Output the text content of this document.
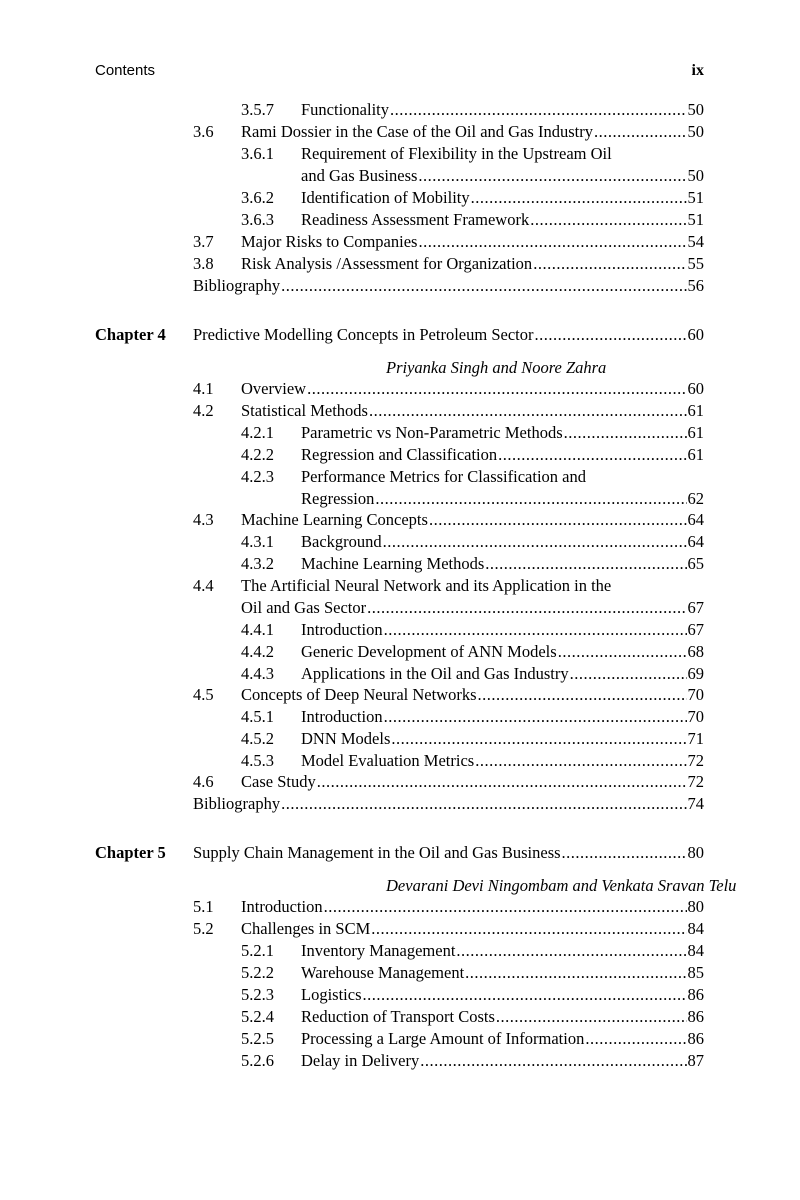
Contents	ix
3.5.7 Functionality .....	50
3.6 Rami Dossier in the Case of the Oil and Gas Industry .....	50
3.6.1 Requirement of Flexibility in the Upstream Oil
and Gas Business .....	50
3.6.2 Identification of Mobility .....	51
3.6.3 Readiness Assessment Framework .....	51
3.7 Major Risks to Companies .....	54
3.8 Risk Analysis /Assessment for Organization .....	55
Bibliography .....	56
Chapter 4 Predictive Modelling Concepts in Petroleum Sector .....	60
Priyanka Singh and Noore Zahra
4.1 Overview .....	60
4.2 Statistical Methods .....	61
4.2.1 Parametric vs Non-Parametric Methods .....	61
4.2.2 Regression and Classification .....	61
4.2.3 Performance Metrics for Classification and
Regression .....	62
4.3 Machine Learning Concepts .....	64
4.3.1 Background .....	64
4.3.2 Machine Learning Methods .....	65
4.4 The Artificial Neural Network and its Application in the
Oil and Gas Sector .....	67
4.4.1 Introduction .....	67
4.4.2 Generic Development of ANN Models .....	68
4.4.3 Applications in the Oil and Gas Industry .....	69
4.5 Concepts of Deep Neural Networks .....	70
4.5.1 Introduction .....	70
4.5.2 DNN Models .....	71
4.5.3 Model Evaluation Metrics .....	72
4.6 Case Study .....	72
Bibliography .....	74
Chapter 5 Supply Chain Management in the Oil and Gas Business .....	80
Devarani Devi Ningombam and Venkata Sravan Telu
5.1 Introduction .....	80
5.2 Challenges in SCM .....	84
5.2.1 Inventory Management .....	84
5.2.2 Warehouse Management .....	85
5.2.3 Logistics .....	86
5.2.4 Reduction of Transport Costs .....	86
5.2.5 Processing a Large Amount of Information .....	86
5.2.6 Delay in Delivery .....	87
